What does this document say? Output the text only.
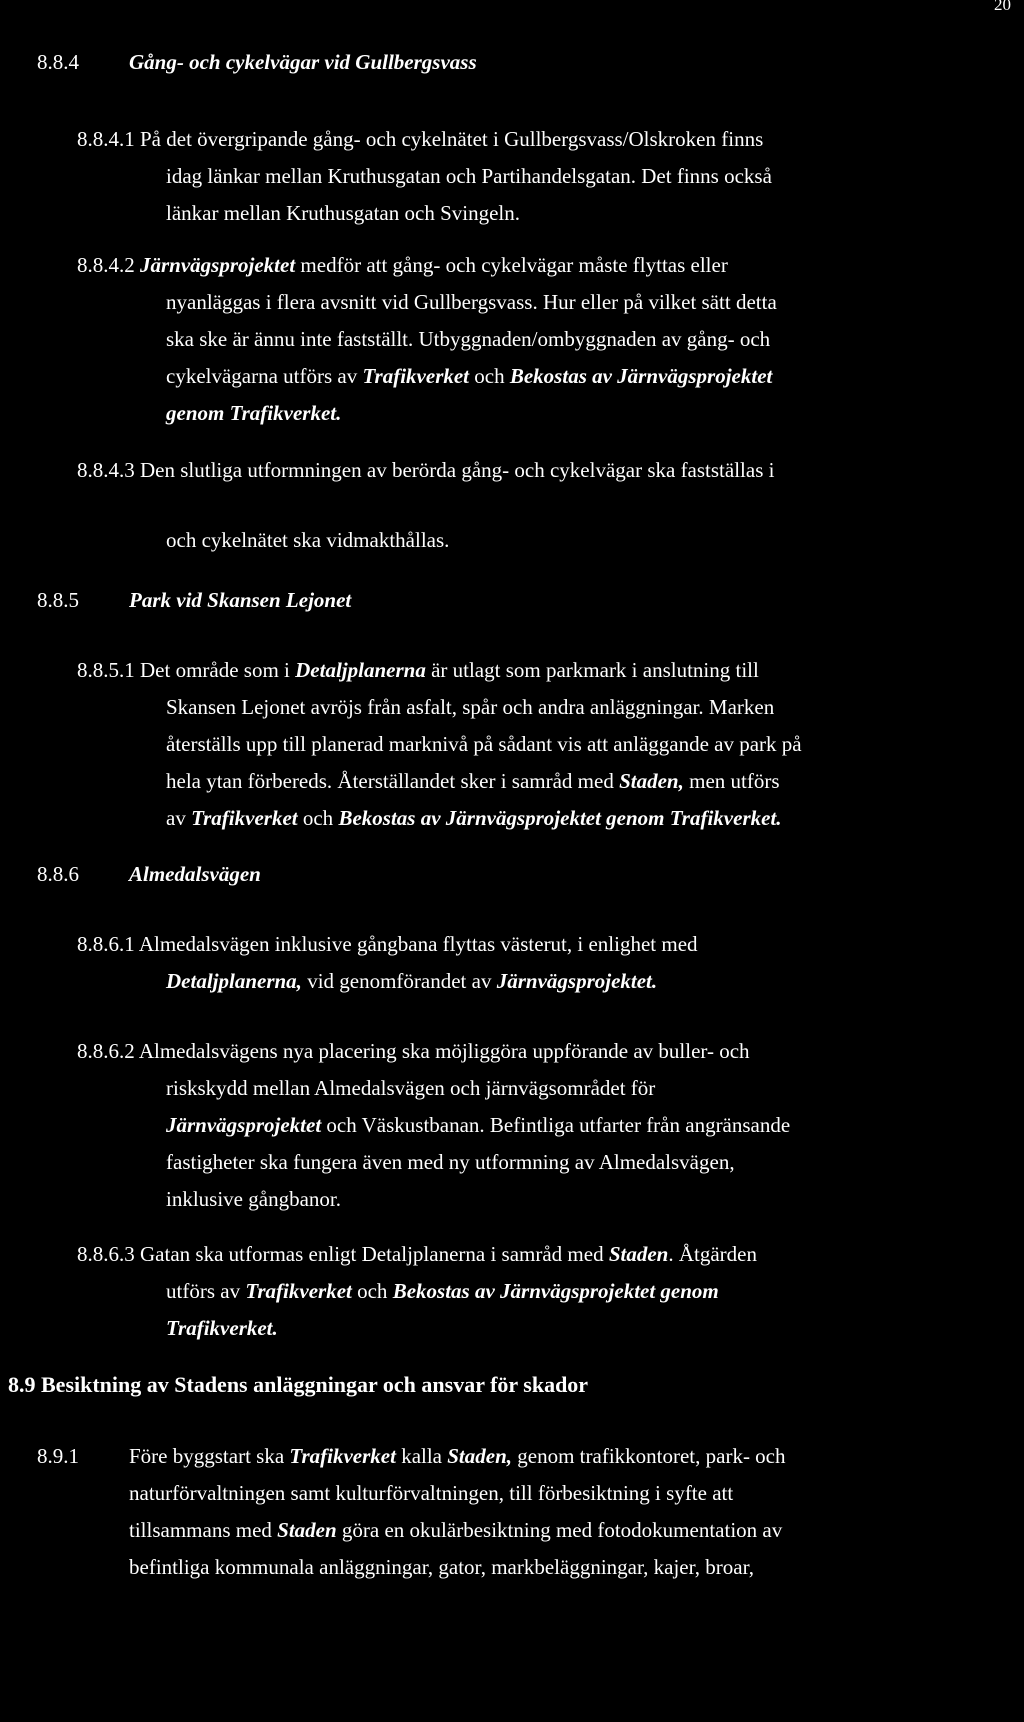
20
8.8.4 Gång- och cykelvägar vid Gullbergsvass
8.8.4.1 På det övergripande gång- och cykelnätet i Gullbergsvass/Olskroken finns
idag länkar mellan Kruthusgatan och Partihandelsgatan. Det finns också
länkar mellan Kruthusgatan och Svingeln.
8.8.4.2 Järnvägsprojektet medför att gång- och cykelvägar måste flyttas eller
nyanläggas i flera avsnitt vid Gullbergsvass. Hur eller på vilket sätt detta
ska ske är ännu inte fastställt. Utbyggnaden/ombyggnaden av gång- och
cykelvägarna utförs av Trafikverket och Bekostas av Järnvägsprojektet
genom Trafikverket.
8.8.4.3 Den slutliga utformningen av berörda gång- och cykelvägar ska fastställas i
och cykelnätet ska vidmakthållas.
8.8.5 Park vid Skansen Lejonet
8.8.5.1 Det område som i Detaljplanerna är utlagt som parkmark i anslutning till
Skansen Lejonet avröjs från asfalt, spår och andra anläggningar. Marken
återställs upp till planerad marknivå på sådant vis att anläggande av park på
hela ytan förbereds. Återställandet sker i samråd med Staden, men utförs
av Trafikverket och Bekostas av Järnvägsprojektet genom Trafikverket.
8.8.6 Almedalsvägen
8.8.6.1 Almedalsvägen inklusive gångbana flyttas västerut, i enlighet med
Detaljplanerna, vid genomförandet av Järnvägsprojektet.
8.8.6.2 Almedalsvägens nya placering ska möjliggöra uppförande av buller- och
riskskydd mellan Almedalsvägen och järnvägsområdet för
Järnvägsprojektet och Väskustbanan. Befintliga utfarter från angränsande
fastigheter ska fungera även med ny utformning av Almedalsvägen,
inklusive gångbanor.
8.8.6.3 Gatan ska utformas enligt Detaljplanerna i samråd med Staden. Åtgärden
utförs av Trafikverket och Bekostas av Järnvägsprojektet genom
Trafikverket.
8.9 Besiktning av Stadens anläggningar och ansvar för skador
8.9.1 Före byggstart ska Trafikverket kalla Staden, genom trafikkontoret, park- och
naturförvaltningen samt kulturförvaltningen, till förbesiktning i syfte att
tillsammans med Staden göra en okulärbesiktning med fotodokumentation av
befintliga kommunala anläggningar, gator, markbeläggningar, kajer, broar,
